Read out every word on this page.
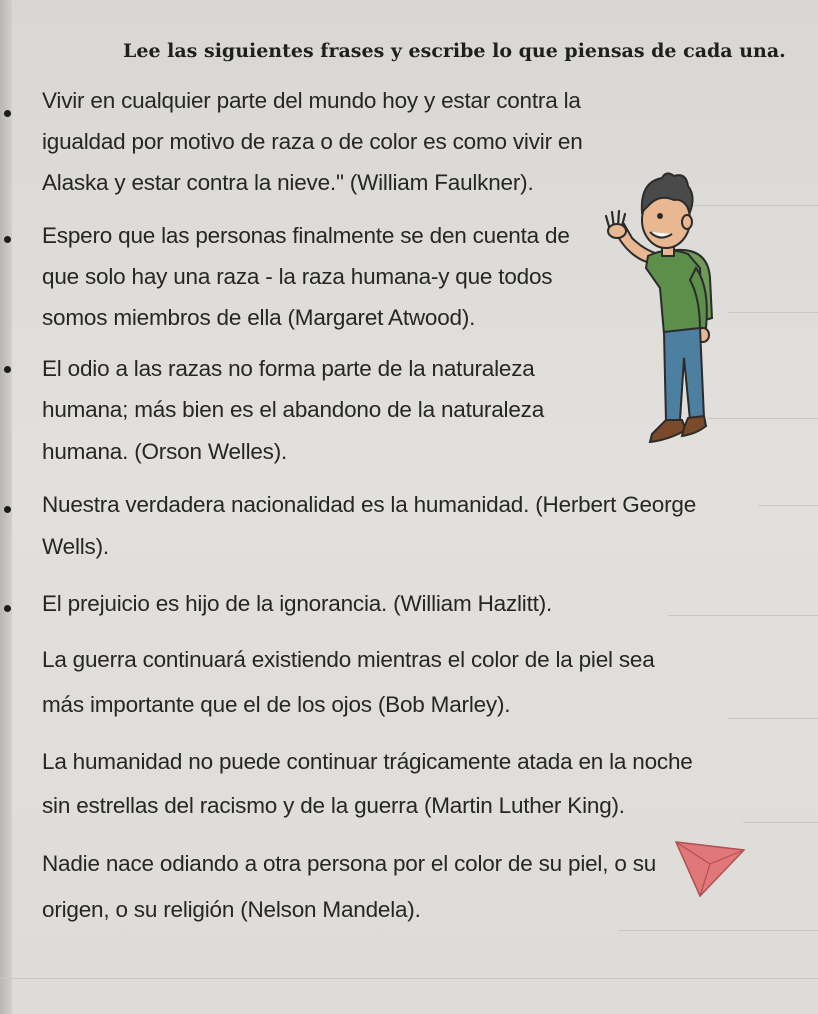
Lee las siguientes frases y escribe lo que piensas de cada una.
Vivir en cualquier parte del mundo hoy y estar contra la
igualdad por motivo de raza o de color es como vivir en
Alaska y estar contra la nieve." (William Faulkner).
Espero que las personas finalmente se den cuenta de
que solo hay una raza - la raza humana-y que todos
somos miembros de ella (Margaret Atwood).
El odio a las razas no forma parte de la naturaleza
humana; más bien es el abandono de la naturaleza
humana. (Orson Welles).
Nuestra verdadera nacionalidad es la humanidad. (Herbert George
Wells).
El prejuicio es hijo de la ignorancia. (William Hazlitt).
La guerra continuará existiendo mientras el color de la piel sea
más importante que el de los ojos (Bob Marley).
La humanidad no puede continuar trágicamente atada en la noche
sin estrellas del racismo y de la guerra (Martin Luther King).
Nadie nace odiando a otra persona por el color de su piel, o su
origen, o su religión (Nelson Mandela).
